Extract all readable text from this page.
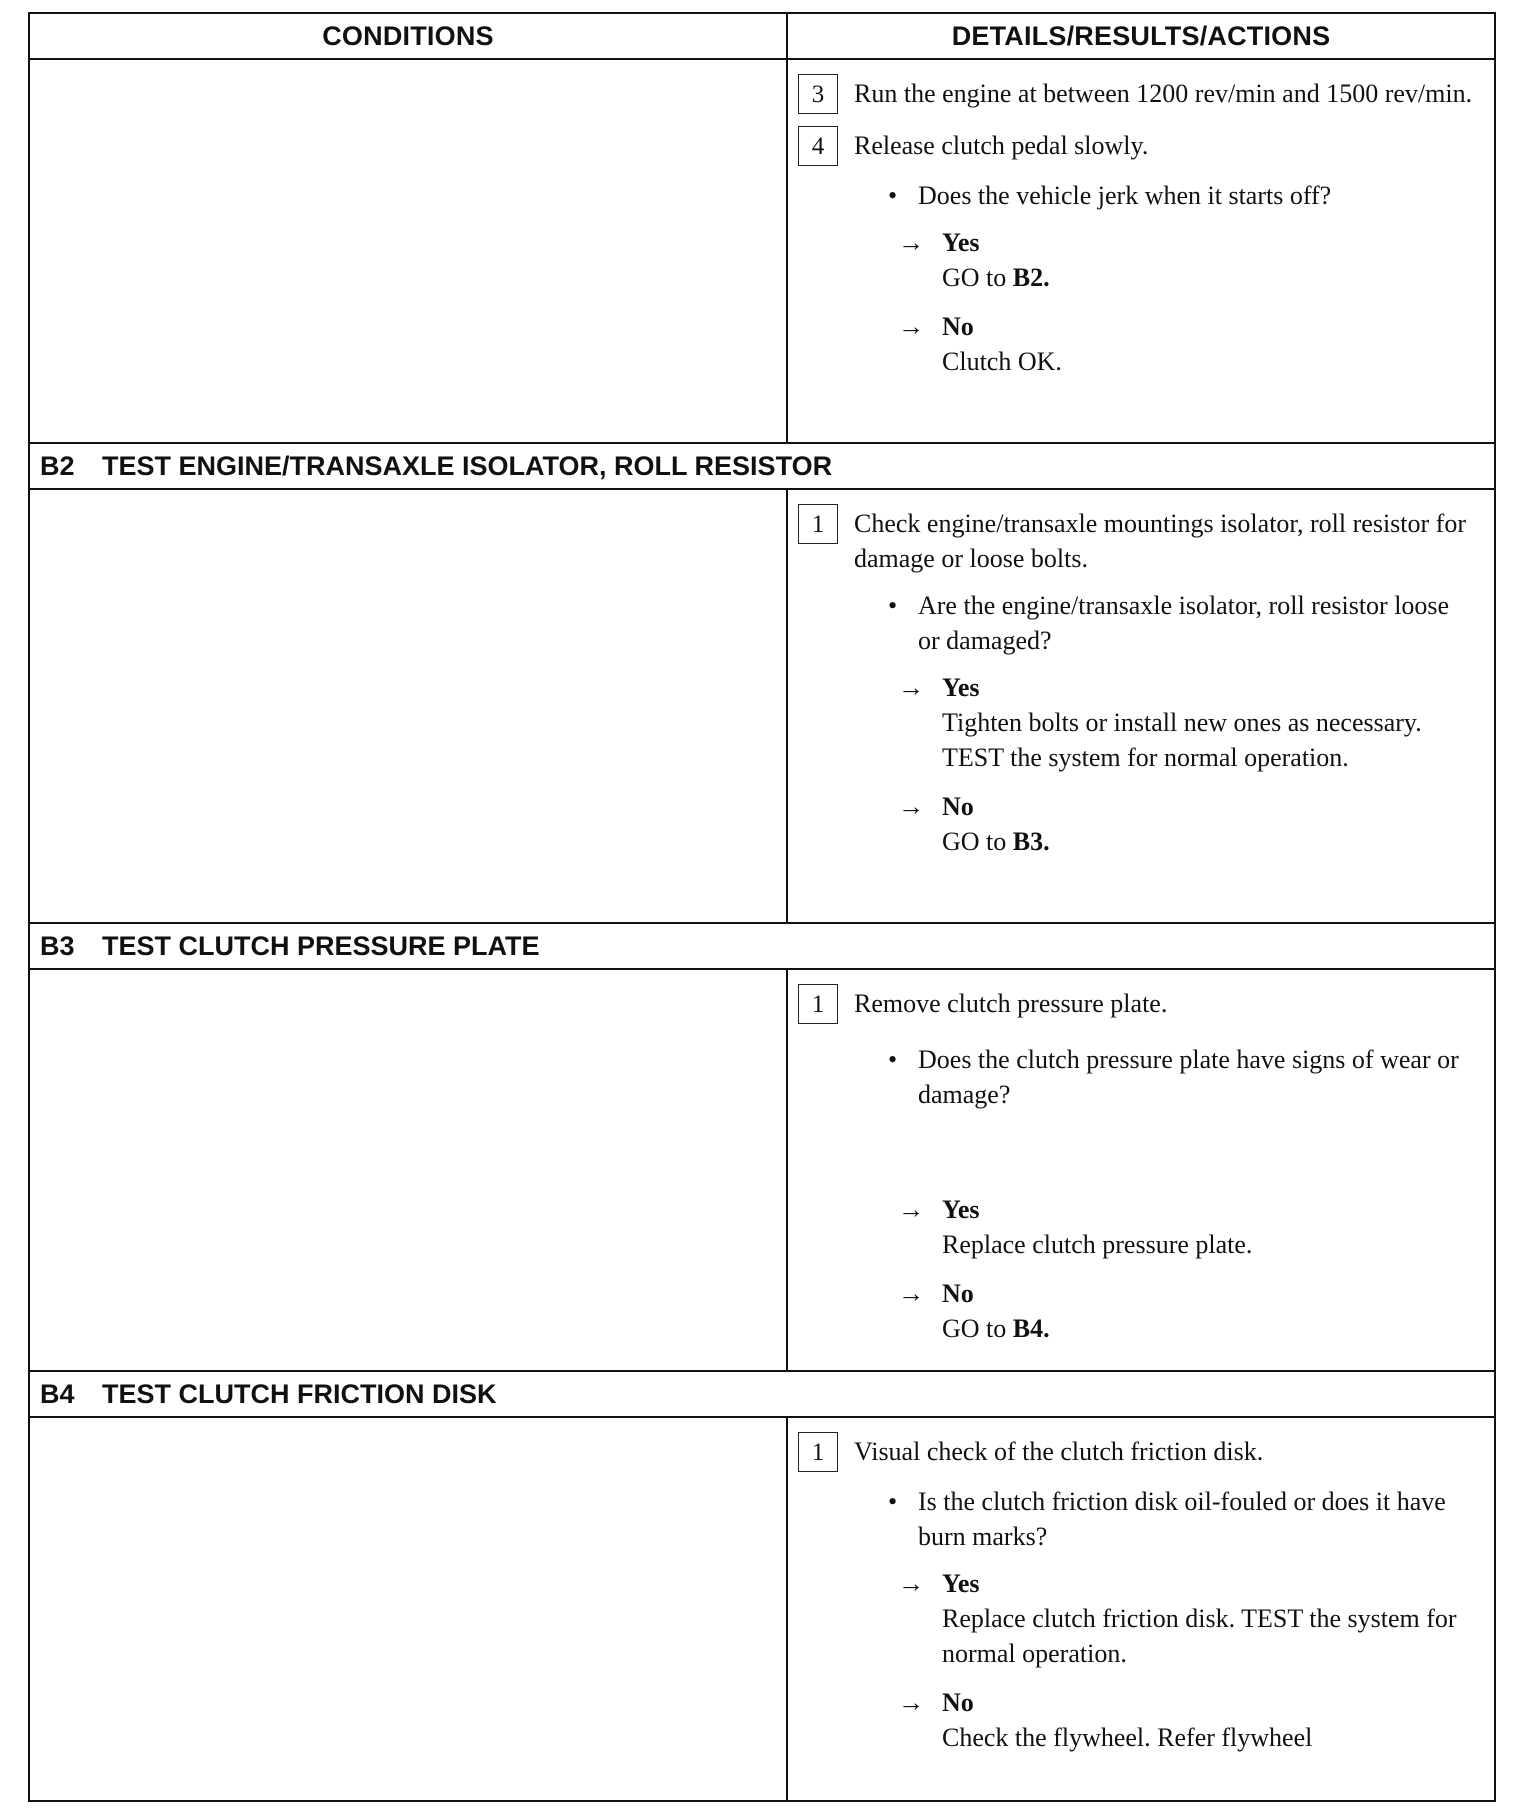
CONDITIONS	DETAILS/RESULTS/ACTIONS
3	Run the engine at between 1200 rev/min and 1500 rev/min.
4	Release clutch pedal slowly.
• Does the vehicle jerk when it starts off?
→ Yes
GO to B2.
→ No
Clutch OK.
B2	TEST ENGINE/TRANSAXLE ISOLATOR, ROLL RESISTOR
1	Check engine/transaxle mountings isolator, roll resistor for damage or loose bolts.
• Are the engine/transaxle isolator, roll resistor loose or damaged?
→ Yes
Tighten bolts or install new ones as necessary. TEST the system for normal operation.
→ No
GO to B3.
B3	TEST CLUTCH PRESSURE PLATE
1	Remove clutch pressure plate.
• Does the clutch pressure plate have signs of wear or damage?
→ Yes
Replace clutch pressure plate.
→ No
GO to B4.
B4	TEST CLUTCH FRICTION DISK
1	Visual check of the clutch friction disk.
• Is the clutch friction disk oil-fouled or does it have burn marks?
→ Yes
Replace clutch friction disk. TEST the system for normal operation.
→ No
Check the flywheel. Refer flywheel
